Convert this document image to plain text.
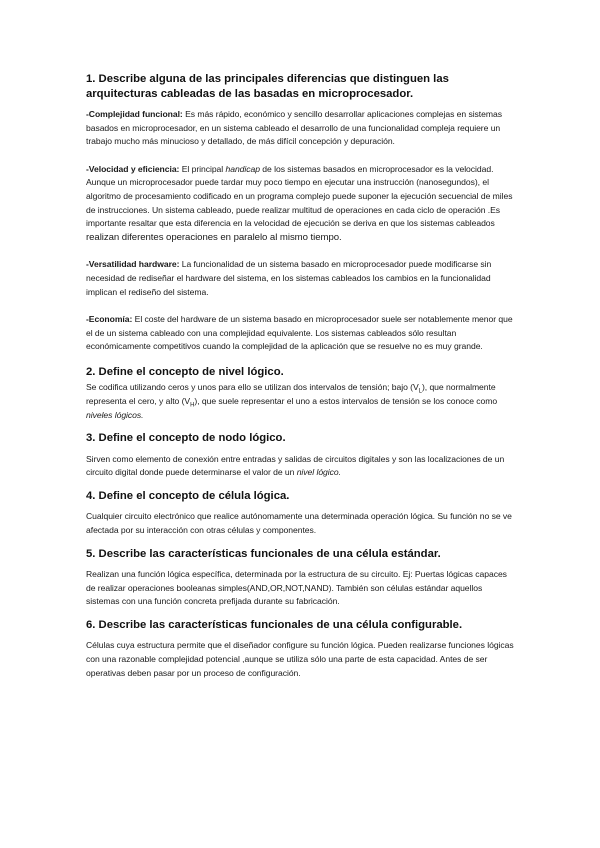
1. Describe alguna de las principales diferencias que distinguen las arquitecturas cableadas de las basadas en microprocesador.

-Complejidad funcional: Es más rápido, económico y sencillo desarrollar aplicaciones complejas en sistemas basados en microprocesador, en un sistema cableado el desarrollo de una funcionalidad compleja requiere un trabajo mucho más minucioso y detallado, de más difícil concepción y depuración.

-Velocidad y eficiencia: El principal handicap de los sistemas basados en microprocesador es la velocidad. Aunque un microprocesador puede tardar muy poco tiempo en ejecutar una instrucción (nanosegundos), el algoritmo de procesamiento codificado en un programa complejo puede suponer la ejecución secuencial de miles de instrucciones. Un sistema cableado, puede realizar multitud de operaciones en cada ciclo de operación .Es importante resaltar que esta diferencia en la velocidad de ejecución se deriva en que los sistemas cableados realizan diferentes operaciones en paralelo al mismo tiempo.

-Versatilidad hardware: La funcionalidad de un sistema basado en microprocesador puede modificarse sin necesidad de rediseñar el hardware del sistema, en los sistemas cableados los cambios en la funcionalidad implican el rediseño del sistema.

-Economía: El coste del hardware de un sistema basado en microprocesador suele ser notablemente menor que el de un sistema cableado con una complejidad equivalente. Los sistemas cableados sólo resultan económicamente competitivos cuando la complejidad de la aplicación que se resuelve no es muy grande.

2. Define el concepto de nivel lógico.

Se codifica utilizando ceros y unos para ello se utilizan dos intervalos de tensión; bajo $(V_L)$, que normalmente representa el cero, y alto $(V_H)$, que suele representar el uno a estos intervalos de tensión se los conoce como niveles lógicos.

3. Define el concepto de nodo lógico.

Sirven como elemento de conexión entre entradas y salidas de circuitos digitales y son las localizaciones de un circuito digital donde puede determinarse el valor de un nivel lógico.

4. Define el concepto de célula lógica.

Cualquier circuito electrónico que realice autónomamente una determinada operación lógica. Su función no se ve afectada por su interacción con otras células y componentes.

5. Describe las características funcionales de una célula estándar.

Realizan una función lógica específica, determinada por la estructura de su circuito. Ej: Puertas lógicas capaces de realizar operaciones booleanas simples(AND,OR,NOT,NAND). También son células estándar aquellos sistemas con una función concreta prefijada durante su fabricación.

6. Describe las características funcionales de una célula configurable.

Células cuya estructura permite que el diseñador configure su función lógica. Pueden realizarse funciones lógicas con una razonable complejidad potencial ,aunque se utiliza sólo una parte de esta capacidad. Antes de ser operativas deben pasar por un proceso de configuración.
